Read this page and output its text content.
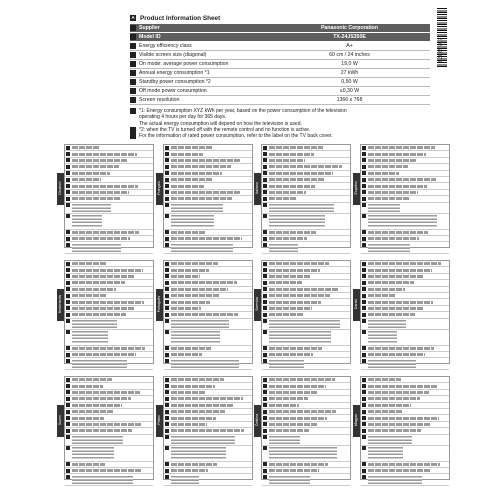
A Product Information Sheet
	Supplier	Panasonic Corporation
	Model ID	TX-24JS350E
	Energy efficiency class	A+
	Visible screen size (diagonal)	60 cm / 24 inches
	On mode: average power consumption	19,0 W
	Annual energy consumption *1	27 kWh
	Standby power consumption *2	0,50 W
	Off mode power consumption	≤0,30 W
	Screen resolution	1366 x 768
*1: Energy consumption XYZ kWh per year, based on the power consumption of the television
operating 4 hours per day for 365 days.
The actual energy consumption will depend on how the television is used.
*2: when the TV is turned off with the remote control and no function is active.
For the information of rated power consumption, refer to the label on the TV back cover.
50559979
Deutsch	Français	Italiano	Español
Nederlands	Português	Svenska	Dansk
Suomi	Polski	Čeština	Magyar
